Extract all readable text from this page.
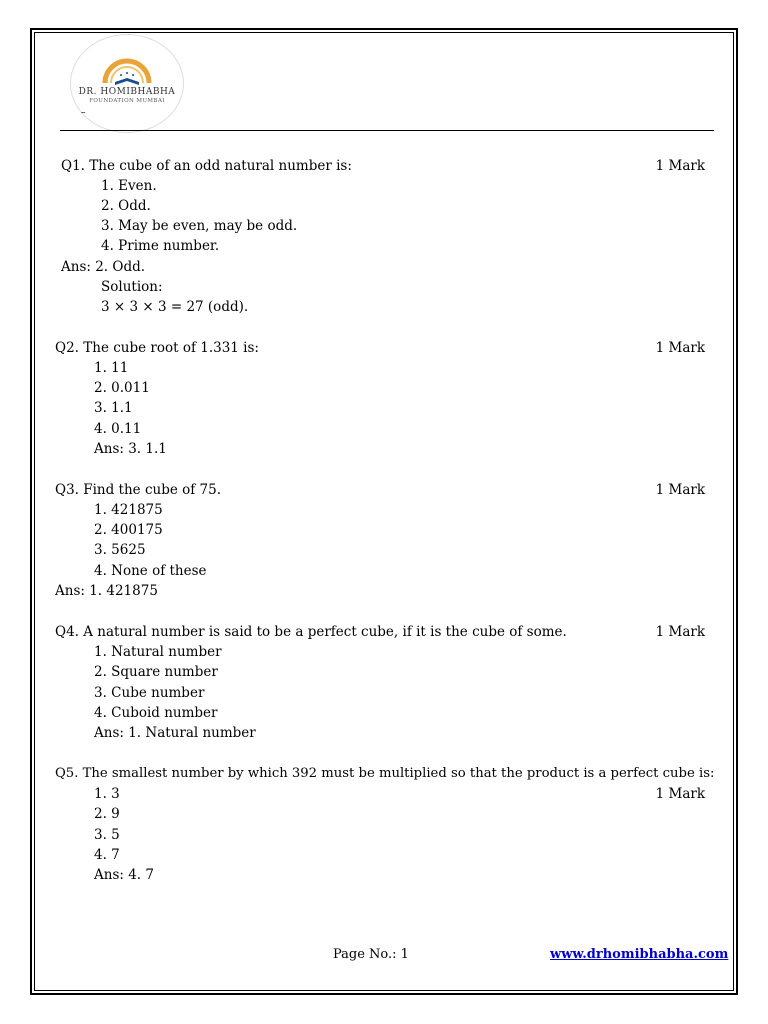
DR. HOMIBHABHA
FOUNDATION MUMBAI
–
Q1. The cube of an odd natural number is:	1 Mark
1. Even.
2. Odd.
3. May be even, may be odd.
4. Prime number.
Ans: 2. Odd.
Solution:
3 × 3 × 3 = 27 (odd).
Q2. The cube root of 1.331 is:	1 Mark
1. 11
2. 0.011
3. 1.1
4. 0.11
Ans: 3. 1.1
Q3. Find the cube of 75.	1 Mark
1. 421875
2. 400175
3. 5625
4. None of these
Ans: 1. 421875
Q4. A natural number is said to be a perfect cube, if it is the cube of some.	1 Mark
1. Natural number
2. Square number
3. Cube number
4. Cuboid number
Ans: 1. Natural number
Q5. The smallest number by which 392 must be multiplied so that the product is a perfect cube is:
1. 3	1 Mark
2. 9
3. 5
4. 7
Ans: 4. 7
Page No.: 1	www.drhomibhabha.com
